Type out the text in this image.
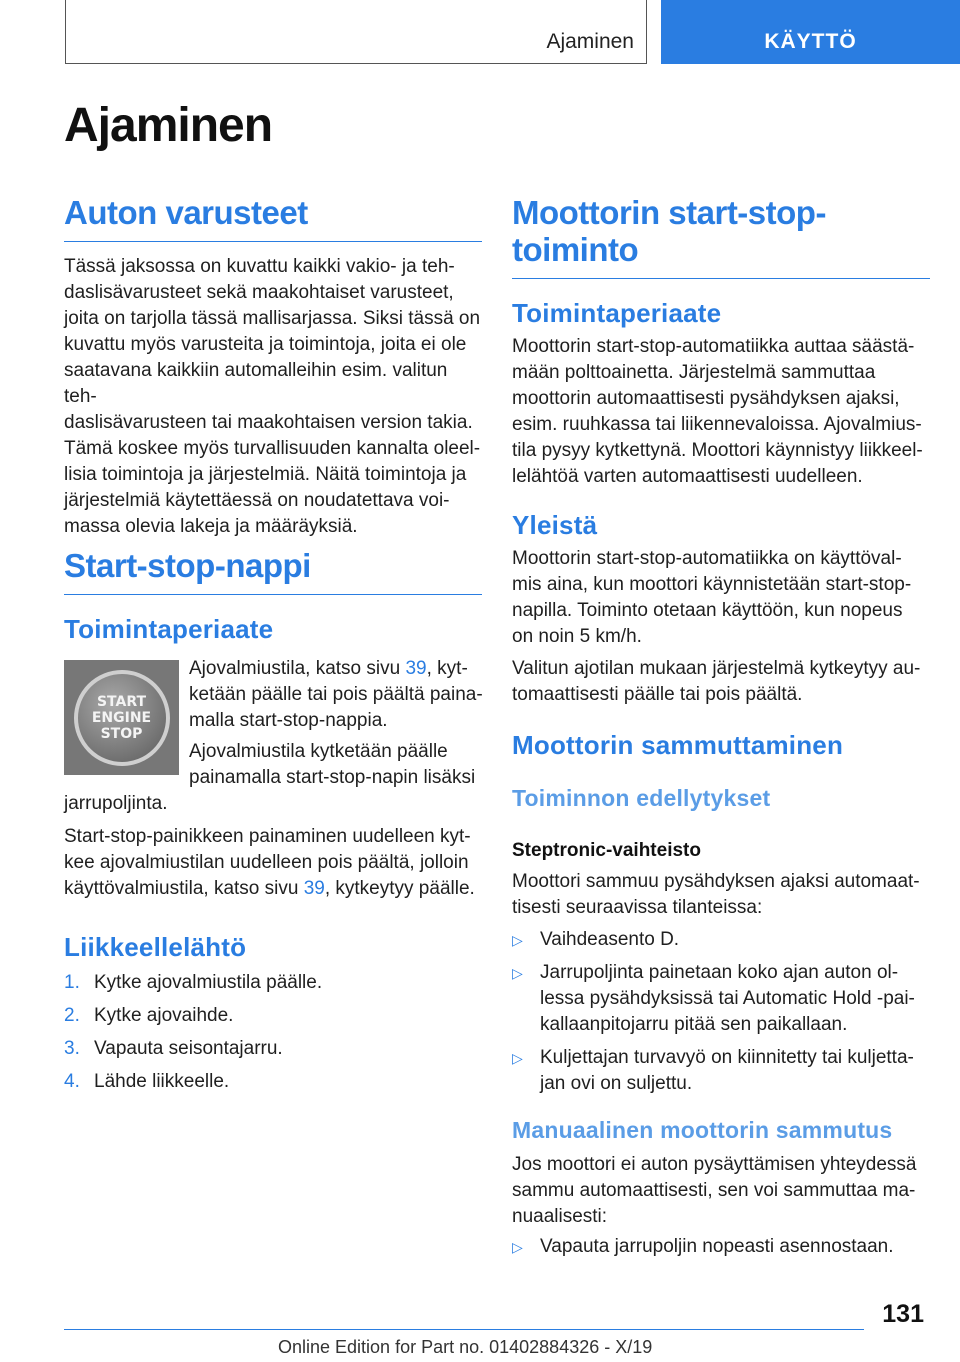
Ajaminen	KÄYTTÖ
Ajaminen
Auton varusteet

Tässä jaksossa on kuvattu kaikki vakio- ja teh‐
daslisävarusteet sekä maakohtaiset varusteet,
joita on tarjolla tässä mallisarjassa. Siksi tässä on
kuvattu myös varusteita ja toimintoja, joita ei ole
saatavana kaikkiin automalleihin esim. valitun teh‐
daslisävarusteen tai maakohtaisen version takia.
Tämä koskee myös turvallisuuden kannalta oleel‐
lisia toimintoja ja järjestelmiä. Näitä toimintoja ja
järjestelmiä käytettäessä on noudatettava voi‐
massa olevia lakeja ja määräyksiä.

Start-stop-nappi
Toimintaperiaate
START
ENGINE
STOP

Ajovalmiustila, katso sivu 39, kyt‐
ketään päälle tai pois päältä paina‐
malla start-stop-nappia.

Ajovalmiustila kytketään päälle
painamalla start-stop-napin lisäksi

jarrupoljinta.

Start-stop-painikkeen painaminen uudelleen kyt‐
kee ajovalmiustilan uudelleen pois päältä, jolloin
käyttövalmiustila, katso sivu 39, kytkeytyy päälle.

Liikkeellelähtö
1. Kytke ajovalmiustila päälle.
2. Kytke ajovaihde.
3. Vapauta seisontajarru.
4. Lähde liikkeelle.
Moottorin start-stop-
toiminto
Toimintaperiaate

Moottorin start-stop-automatiikka auttaa säästä‐
mään polttoainetta. Järjestelmä sammuttaa
moottorin automaattisesti pysähdyksen ajaksi,
esim. ruuhkassa tai liikennevaloissa. Ajovalmius‐
tila pysyy kytkettynä. Moottori käynnistyy liikkeel‐
lelähtöä varten automaattisesti uudelleen.

Yleistä

Moottorin start-stop-automatiikka on käyttöval‐
mis aina, kun moottori käynnistetään start-stop-
napilla. Toiminto otetaan käyttöön, kun nopeus
on noin 5 km/h.

Valitun ajotilan mukaan järjestelmä kytkeytyy au‐
tomaattisesti päälle tai pois päältä.

Moottorin sammuttaminen
Toiminnon edellytykset
Steptronic-vaihteisto

Moottori sammuu pysähdyksen ajaksi automaat‐
tisesti seuraavissa tilanteissa:

▷ Vaihdeasento D.
▷ Jarrupoljinta painetaan koko ajan auton ol‐
lessa pysähdyksissä tai Automatic Hold -pai‐
kallaanpitojarru pitää sen paikallaan.
▷ Kuljettajan turvavyö on kiinnitetty tai kuljetta‐
jan ovi on suljettu.
Manuaalinen moottorin sammutus

Jos moottori ei auton pysäyttämisen yhteydessä
sammu automaattisesti, sen voi sammuttaa ma‐
nuaalisesti:

▷ Vapauta jarrupoljin nopeasti asennostaan.
131
Online Edition for Part no. 01402884326 - X/19
